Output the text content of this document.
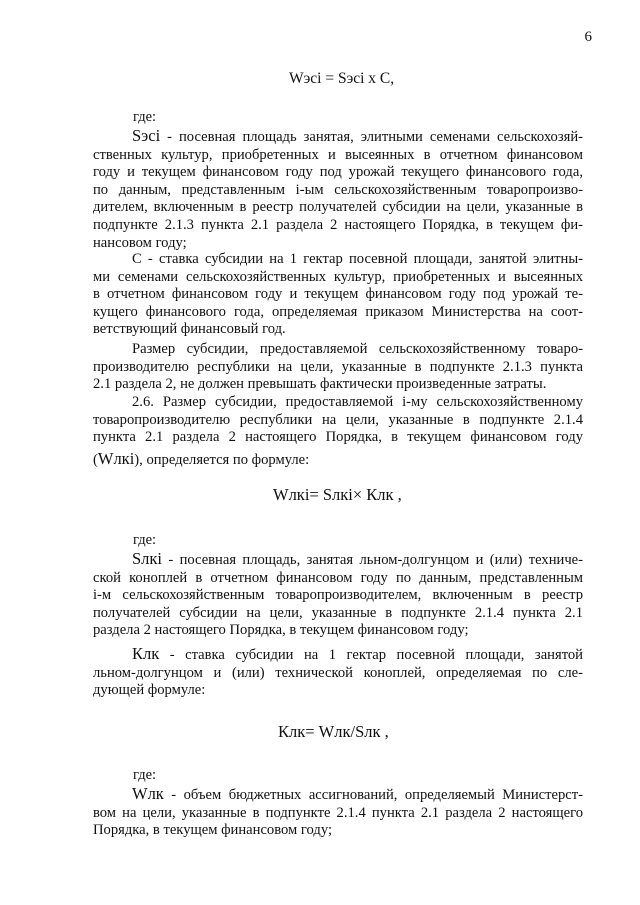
6
Wэсi = Sэсi x C,
где:
Sэсi - посевная площадь занятая, элитными семенами сельскохозяй-
ственных культур, приобретенных и высеянных в отчетном финансовом
году и текущем финансовом году под урожай текущего финансового года,
по данным, представленным i-ым сельскохозяйственным товаропроизво-
дителем, включенным в реестр получателей субсидии на цели, указанные в
подпункте 2.1.3 пункта 2.1 раздела 2 настоящего Порядка, в текущем фи-
нансовом году;
С - ставка субсидии на 1 гектар посевной площади, занятой элитны-
ми семенами сельскохозяйственных культур, приобретенных и высеянных
в отчетном финансовом году и текущем финансовом году под урожай те-
кущего финансового года, определяемая приказом Министерства на соот-
ветствующий финансовый год.
Размер субсидии, предоставляемой сельскохозяйственному товаро-
производителю республики на цели, указанные в подпункте 2.1.3 пункта
2.1 раздела 2, не должен превышать фактически произведенные затраты.
2.6. Размер субсидии, предоставляемой i-му сельскохозяйственному
товаропроизводителю республики на цели, указанные в подпункте 2.1.4
пункта 2.1 раздела 2 настоящего Порядка, в текущем финансовом году
(Wлкi), определяется по формуле:
Wлкi= Sлкi× Клк ,
где:
Sлкi - посевная площадь, занятая льном-долгунцом и (или) техниче-
ской коноплей в отчетном финансовом году по данным, представленным
i-м сельскохозяйственным товаропроизводителем, включенным в реестр
получателей субсидии на цели, указанные в подпункте 2.1.4 пункта 2.1
раздела 2 настоящего Порядка, в текущем финансовом году;
Клк - ставка субсидии на 1 гектар посевной площади, занятой
льном-долгунцом и (или) технической коноплей, определяемая по сле-
дующей формуле:
Клк= Wлк/Sлк ,
где:
Wлк - объем бюджетных ассигнований, определяемый Министерст-
вом на цели, указанные в подпункте 2.1.4 пункта 2.1 раздела 2 настоящего
Порядка, в текущем финансовом году;
